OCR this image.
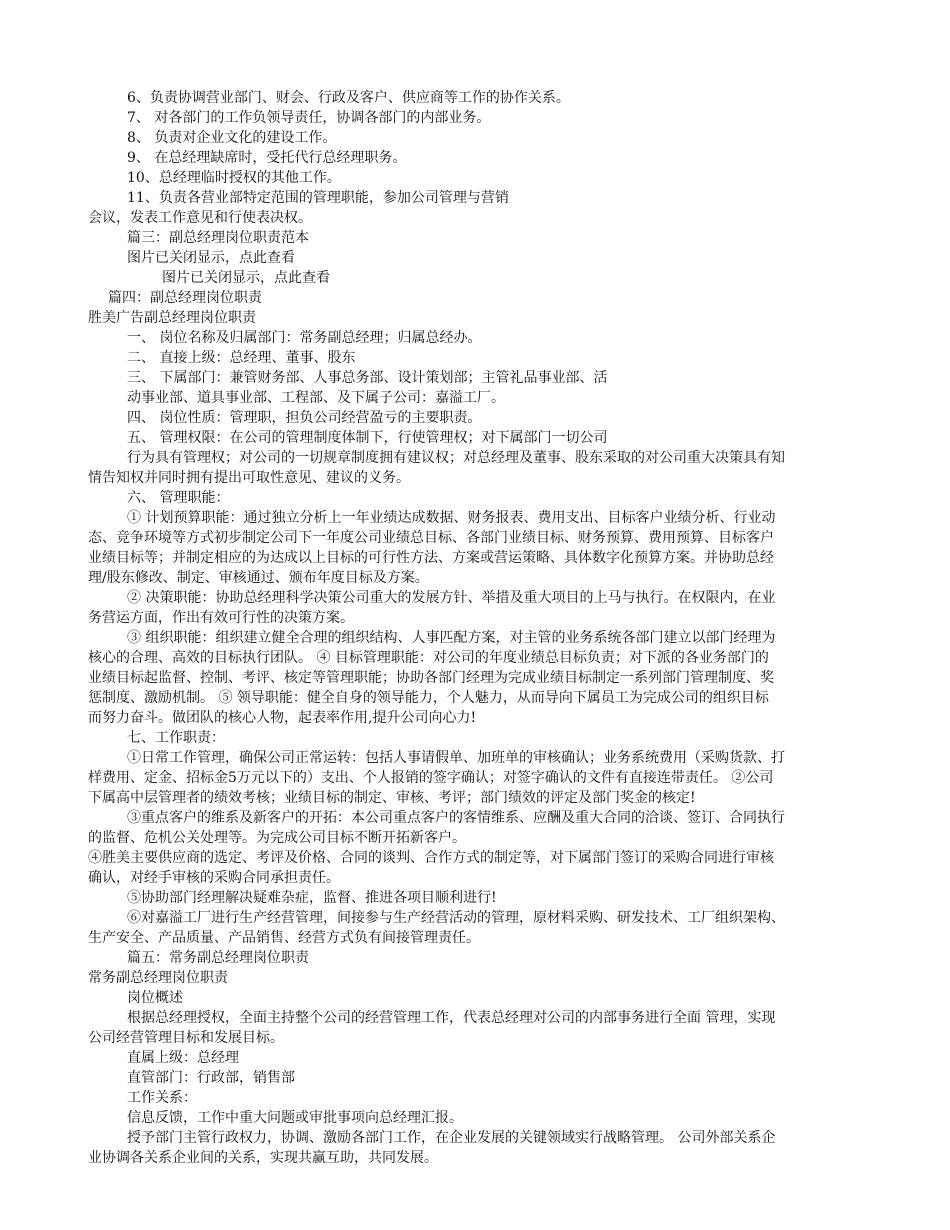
6、负责协调营业部门、财会、行政及客户、供应商等工作的协作关系。
7、 对各部门的工作负领导责任，协调各部门的内部业务。
8、 负责对企业文化的建设工作。
9、 在总经理缺席时，受托代行总经理职务。
10、总经理临时授权的其他工作。
11、负责各营业部特定范围的管理职能，参加公司管理与营销
会议，发表工作意见和行使表决权。
篇三：副总经理岗位职责范本
图片已关闭显示，点此查看
图片已关闭显示，点此查看
篇四：副总经理岗位职责
胜美广告副总经理岗位职责
一、 岗位名称及归属部门：常务副总经理；归属总经办。
二、 直接上级：总经理、董事、股东
三、 下属部门：兼管财务部、人事总务部、设计策划部；主管礼品事业部、活
动事业部、道具事业部、工程部、及下属子公司：嘉溢工厂。
四、 岗位性质：管理职，担负公司经营盈亏的主要职责。
五、 管理权限：在公司的管理制度体制下，行使管理权；对下属部门一切公司
行为具有管理权；对公司的一切规章制度拥有建议权；对总经理及董事、股东采取的对公司重大决策具有知
情告知权并同时拥有提出可取性意见、建议的义务。
六、 管理职能：
① 计划预算职能：通过独立分析上一年业绩达成数据、财务报表、费用支出、目标客户业绩分析、行业动
态、竞争环境等方式初步制定公司下一年度公司业绩总目标、各部门业绩目标、财务预算、费用预算、目标客户
业绩目标等；并制定相应的为达成以上目标的可行性方法、方案或营运策略、具体数字化预算方案。并协助总经
理/股东修改、制定、审核通过、颁布年度目标及方案。
② 决策职能：协助总经理科学决策公司重大的发展方针、举措及重大项目的上马与执行。在权限内，在业
务营运方面，作出有效可行性的决策方案。
③ 组织职能：组织建立健全合理的组织结构、人事匹配方案，对主管的业务系统各部门建立以部门经理为
核心的合理、高效的目标执行团队。 ④ 目标管理职能：对公司的年度业绩总目标负责；对下派的各业务部门的
业绩目标起监督、控制、考评、核定等管理职能；协助各部门经理为完成业绩目标制定一系列部门管理制度、奖
惩制度、激励机制。 ⑤ 领导职能：健全自身的领导能力，个人魅力，从而导向下属员工为完成公司的组织目标
而努力奋斗。做团队的核心人物，起表率作用,提升公司向心力!
七、工作职责：
①日常工作管理，确保公司正常运转：包括人事请假单、加班单的审核确认；业务系统费用（采购货款、打
样费用、定金、招标金5万元以下的）支出、个人报销的签字确认；对签字确认的文件有直接连带责任。 ②公司
下属高中层管理者的绩效考核；业绩目标的制定、审核、考评；部门绩效的评定及部门奖金的核定!
③重点客户的维系及新客户的开拓：本公司重点客户的客情维系、应酬及重大合同的洽谈、签订、合同执行
的监督、危机公关处理等。为完成公司目标不断开拓新客户。
④胜美主要供应商的选定、考评及价格、合同的谈判、合作方式的制定等，对下属部门签订的采购合同进行审核
确认，对经手审核的采购合同承担责任。
⑤协助部门经理解决疑难杂症，监督、推进各项目顺利进行!
⑥对嘉溢工厂进行生产经营管理，间接参与生产经营活动的管理，原材料采购、研发技术、工厂组织架构、
生产安全、产品质量、产品销售、经营方式负有间接管理责任。
篇五：常务副总经理岗位职责
常务副总经理岗位职责
岗位概述
根据总经理授权，全面主持整个公司的经营管理工作，代表总经理对公司的内部事务进行全面 管理，实现
公司经营管理目标和发展目标。
直属上级：总经理
直管部门：行政部，销售部
工作关系：
信息反馈，工作中重大问题或审批事项向总经理汇报。
授予部门主管行政权力，协调、激励各部门工作，在企业发展的关键领域实行战略管理。 公司外部关系企
业协调各关系企业间的关系，实现共赢互助，共同发展。
